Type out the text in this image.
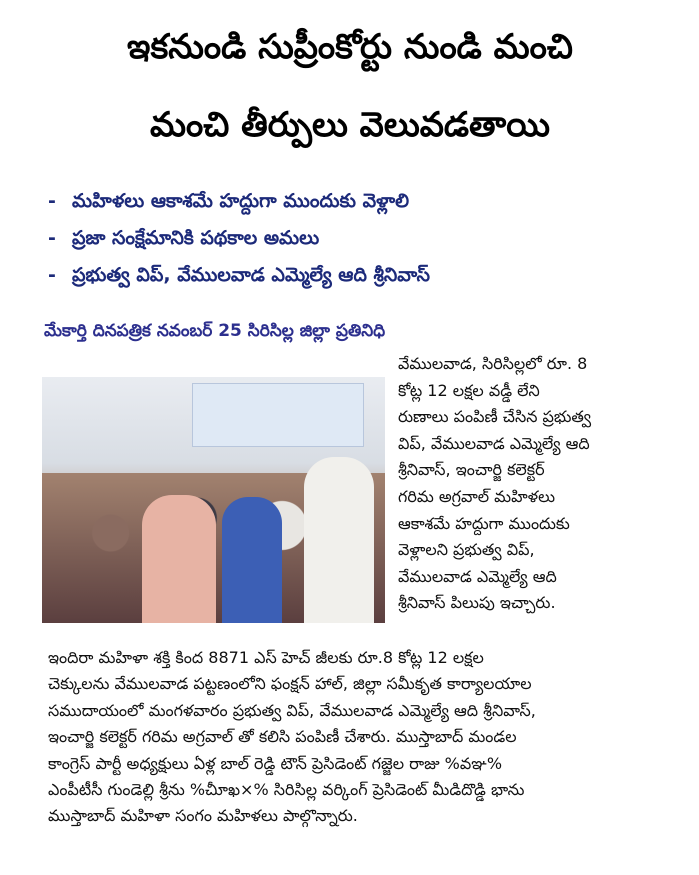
ఇకనుండి సుప్రీంకోర్టు నుండి మంచి
మంచి తీర్పులు వెలువడతాయి
- మహిళలు ఆకాశమే హద్దుగా ముందుకు వెళ్లాలి
- ప్రజా సంక్షేమానికి పథకాల అమలు
- ప్రభుత్వ విప్, వేములవాడ ఎమ్మెల్యే ఆది శ్రీనివాస్
మేకార్తి దినపత్రిక నవంబర్ 25 సిరిసిల్ల జిల్లా ప్రతినిధి
వేములవాడ, సిరిసిల్లలో రూ. 8
కోట్ల 12 లక్షల వడ్డీ లేని
రుణాలు పంపిణీ చేసిన ప్రభుత్వ
విప్, వేములవాడ ఎమ్మెల్యే ఆది
శ్రీనివాస్, ఇంచార్జి కలెక్టర్
గరిమ అగ్రవాల్ మహిళలు
ఆకాశమే హద్దుగా ముందుకు
వెళ్లాలని ప్రభుత్వ విప్,
వేములవాడ ఎమ్మెల్యే ఆది
శ్రీనివాస్ పిలుపు ఇచ్చారు.
ఇందిరా మహిళా శక్తి కింద 8871 ఎస్ హెచ్ జీలకు రూ.8 కోట్ల 12 లక్షల
చెక్కులను వేములవాడ పట్టణంలోని ఫంక్షన్ హాల్, జిల్లా సమీకృత కార్యాలయాల
సముదాయంలో మంగళవారం ప్రభుత్వ విప్, వేములవాడ ఎమ్మెల్యే ఆది శ్రీనివాస్,
ఇంచార్జి కలెక్టర్ గరిమ అగ్రవాల్ తో కలిసి పంపిణీ చేశారు. ముస్తాబాద్ మండల
కాంగ్రెస్ పార్టీ అధ్యక్షులు ఏళ్ల బాల్ రెడ్డి టౌన్ ప్రెసిడెంట్ గజ్జెల రాజు %వఞ%
ఎంపీటీసీ గుండెల్లి శ్రీను %చీూఖ×% సిరిసిల్ల వర్కింగ్ ప్రెసిడెంట్ మీడిదొడ్డి భాను
ముస్తాబాద్ మహిళా సంగం మహిళలు పాల్గొన్నారు.
